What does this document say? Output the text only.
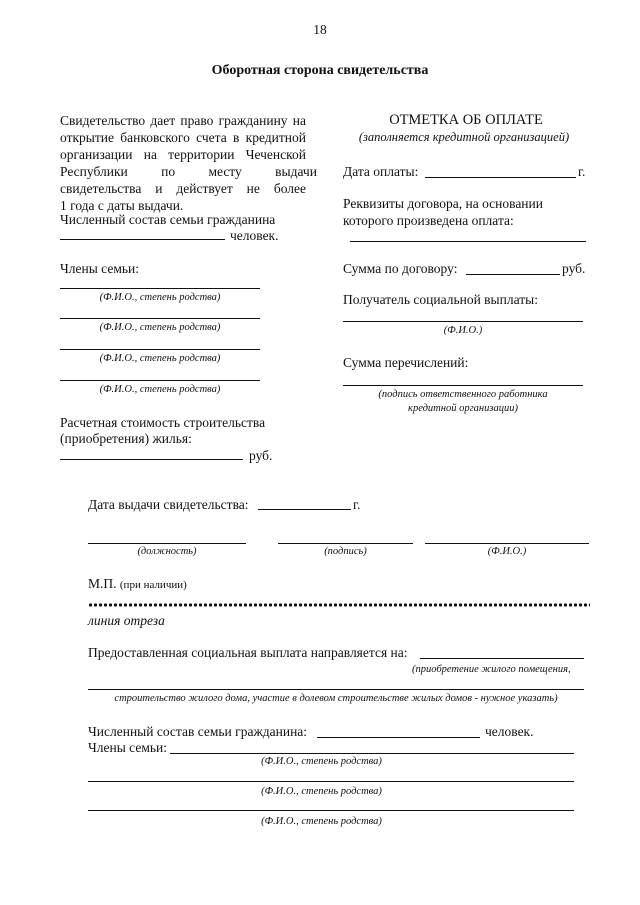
18
Оборотная сторона свидетельства
Свидетельство дает право гражданину на
открытие банковского счета в кредитной
организации на территории Чеченской
Республики по месту выдачи
свидетельства и действует не более
1 года с даты выдачи.
Численный состав семьи гражданина
человек.
Члены семьи:
(Ф.И.О., степень родства)
(Ф.И.О., степень родства)
(Ф.И.О., степень родства)
(Ф.И.О., степень родства)
Расчетная стоимость строительства
(приобретения) жилья:
руб.
ОТМЕТКА ОБ ОПЛАТЕ
(заполняется кредитной организацией)
Дата оплаты:	г.
Реквизиты договора, на основании
которого произведена оплата:
Сумма по договору:	руб.
Получатель социальной выплаты:
(Ф.И.О.)
Сумма перечислений:
(подпись ответственного работника
кредитной организации)
Дата выдачи свидетельства:	г.
(должность)	(подпись)	(Ф.И.О.)
М.П. (при наличии)
линия отреза
Предоставленная социальная выплата направляется на:
(приобретение жилого помещения,
строительство жилого дома, участие в долевом строительстве жилых домов - нужное указать)
Численный состав семьи гражданина:	человек.
Члены семьи:
(Ф.И.О., степень родства)
(Ф.И.О., степень родства)
(Ф.И.О., степень родства)
